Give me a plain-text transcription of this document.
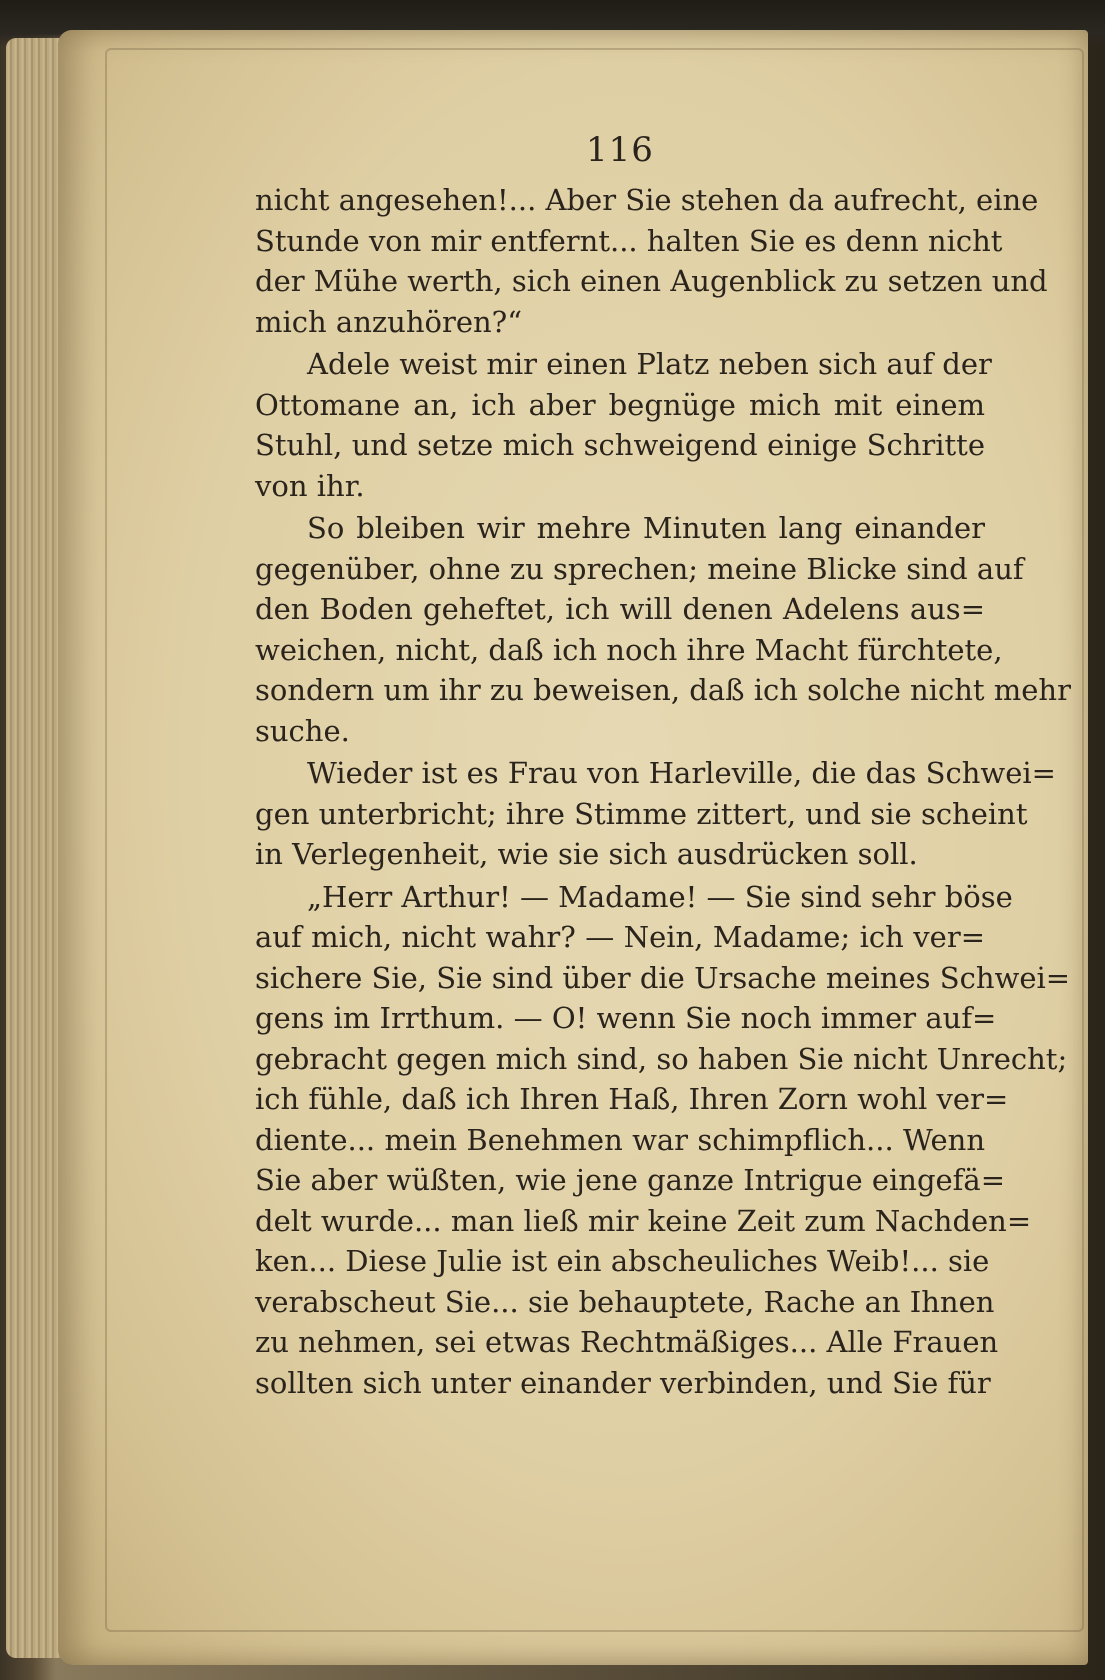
116
nicht angesehen!... Aber Sie stehen da aufrecht, eine
Stunde von mir entfernt... halten Sie es denn nicht
der Mühe werth, sich einen Augenblick zu setzen und
mich anzuhören?“
Adele weist mir einen Platz neben sich auf der
Ottomane an, ich aber begnüge mich mit einem
Stuhl, und setze mich schweigend einige Schritte
von ihr.
So bleiben wir mehre Minuten lang einander
gegenüber, ohne zu sprechen; meine Blicke sind auf
den Boden geheftet, ich will denen Adelens aus=
weichen, nicht, daß ich noch ihre Macht fürchtete,
sondern um ihr zu beweisen, daß ich solche nicht mehr
suche.
Wieder ist es Frau von Harleville, die das Schwei=
gen unterbricht; ihre Stimme zittert, und sie scheint
in Verlegenheit, wie sie sich ausdrücken soll.
„Herr Arthur! — Madame! — Sie sind sehr böse
auf mich, nicht wahr? — Nein, Madame; ich ver=
sichere Sie, Sie sind über die Ursache meines Schwei=
gens im Irrthum. — O! wenn Sie noch immer auf=
gebracht gegen mich sind, so haben Sie nicht Unrecht;
ich fühle, daß ich Ihren Haß, Ihren Zorn wohl ver=
diente... mein Benehmen war schimpflich... Wenn
Sie aber wüßten, wie jene ganze Intrigue eingefä=
delt wurde... man ließ mir keine Zeit zum Nachden=
ken... Diese Julie ist ein abscheuliches Weib!... sie
verabscheut Sie... sie behauptete, Rache an Ihnen
zu nehmen, sei etwas Rechtmäßiges... Alle Frauen
sollten sich unter einander verbinden, und Sie für
